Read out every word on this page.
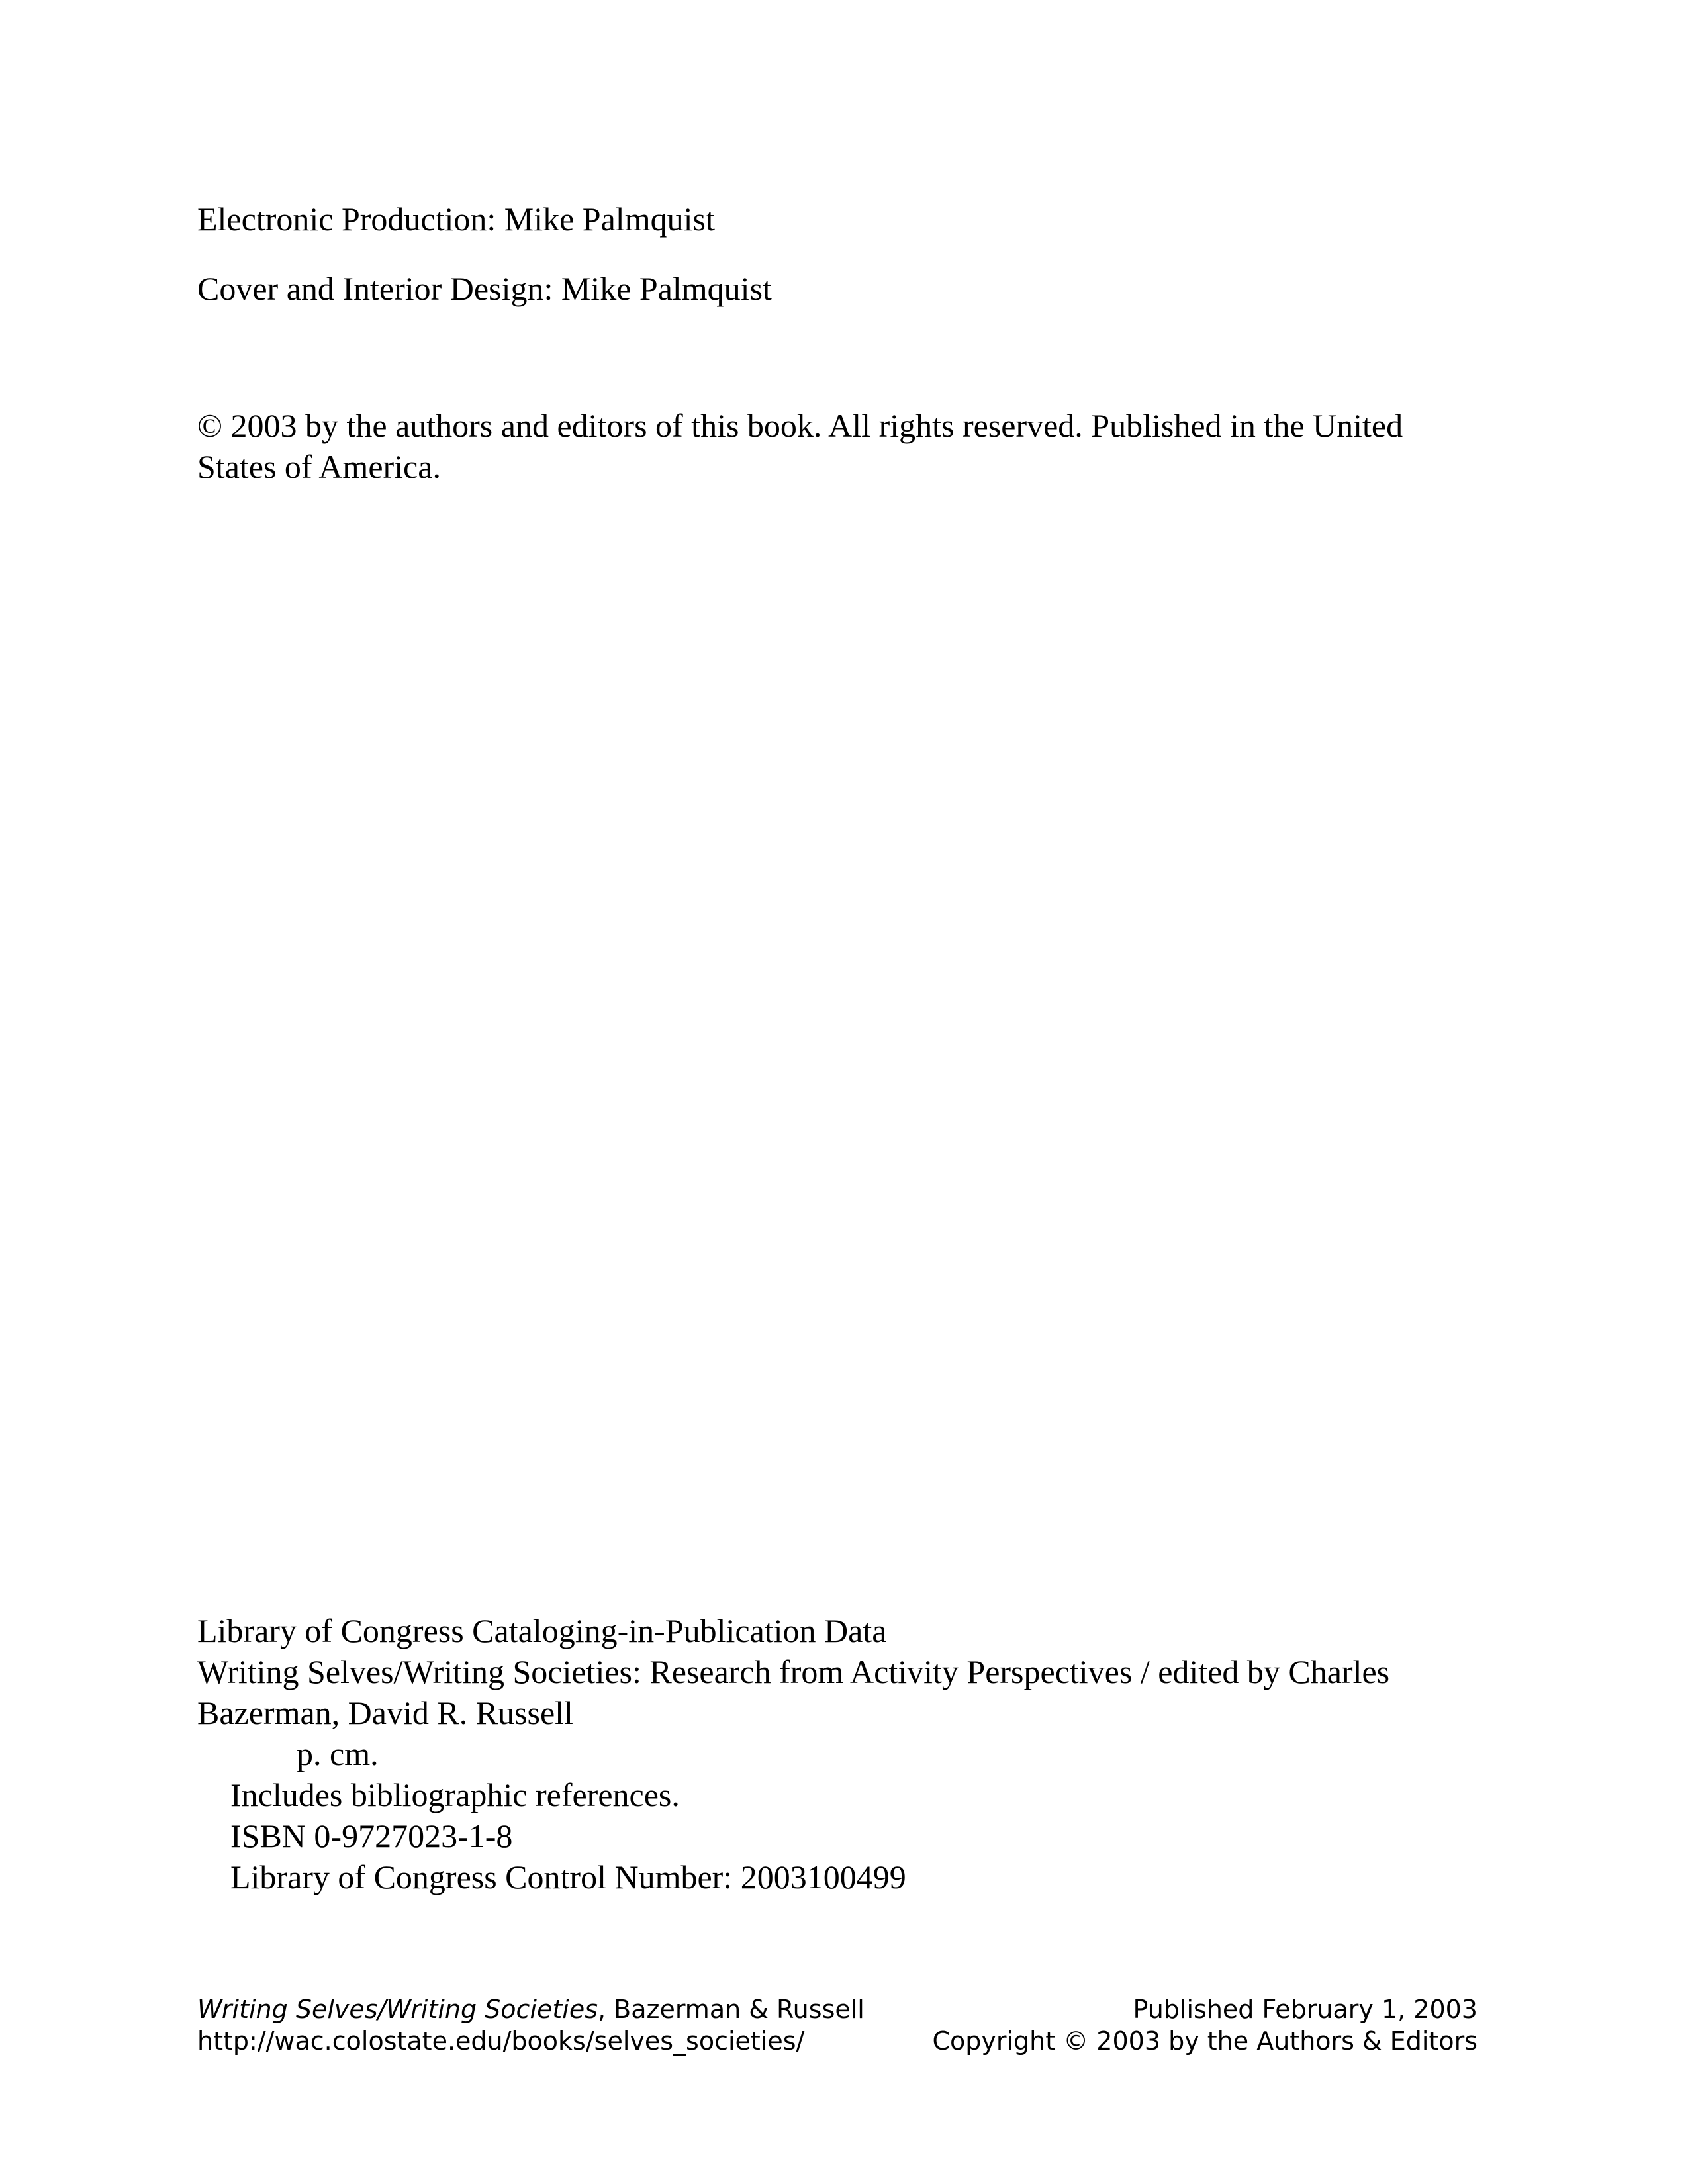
Electronic Production: Mike Palmquist
Cover and Interior Design: Mike Palmquist
© 2003 by the authors and editors of this book. All rights reserved. Published in the United
States of America.
Library of Congress Cataloging-in-Publication Data
Writing Selves/Writing Societies: Research from Activity Perspectives / edited by Charles
Bazerman, David R. Russell
p. cm.
Includes bibliographic references.
ISBN 0-9727023-1-8
Library of Congress Control Number: 2003100499
Writing Selves/Writing Societies, Bazerman & Russell
http://wac.colostate.edu/books/selves_societies/
Published February 1, 2003
Copyright © 2003 by the Authors & Editors
